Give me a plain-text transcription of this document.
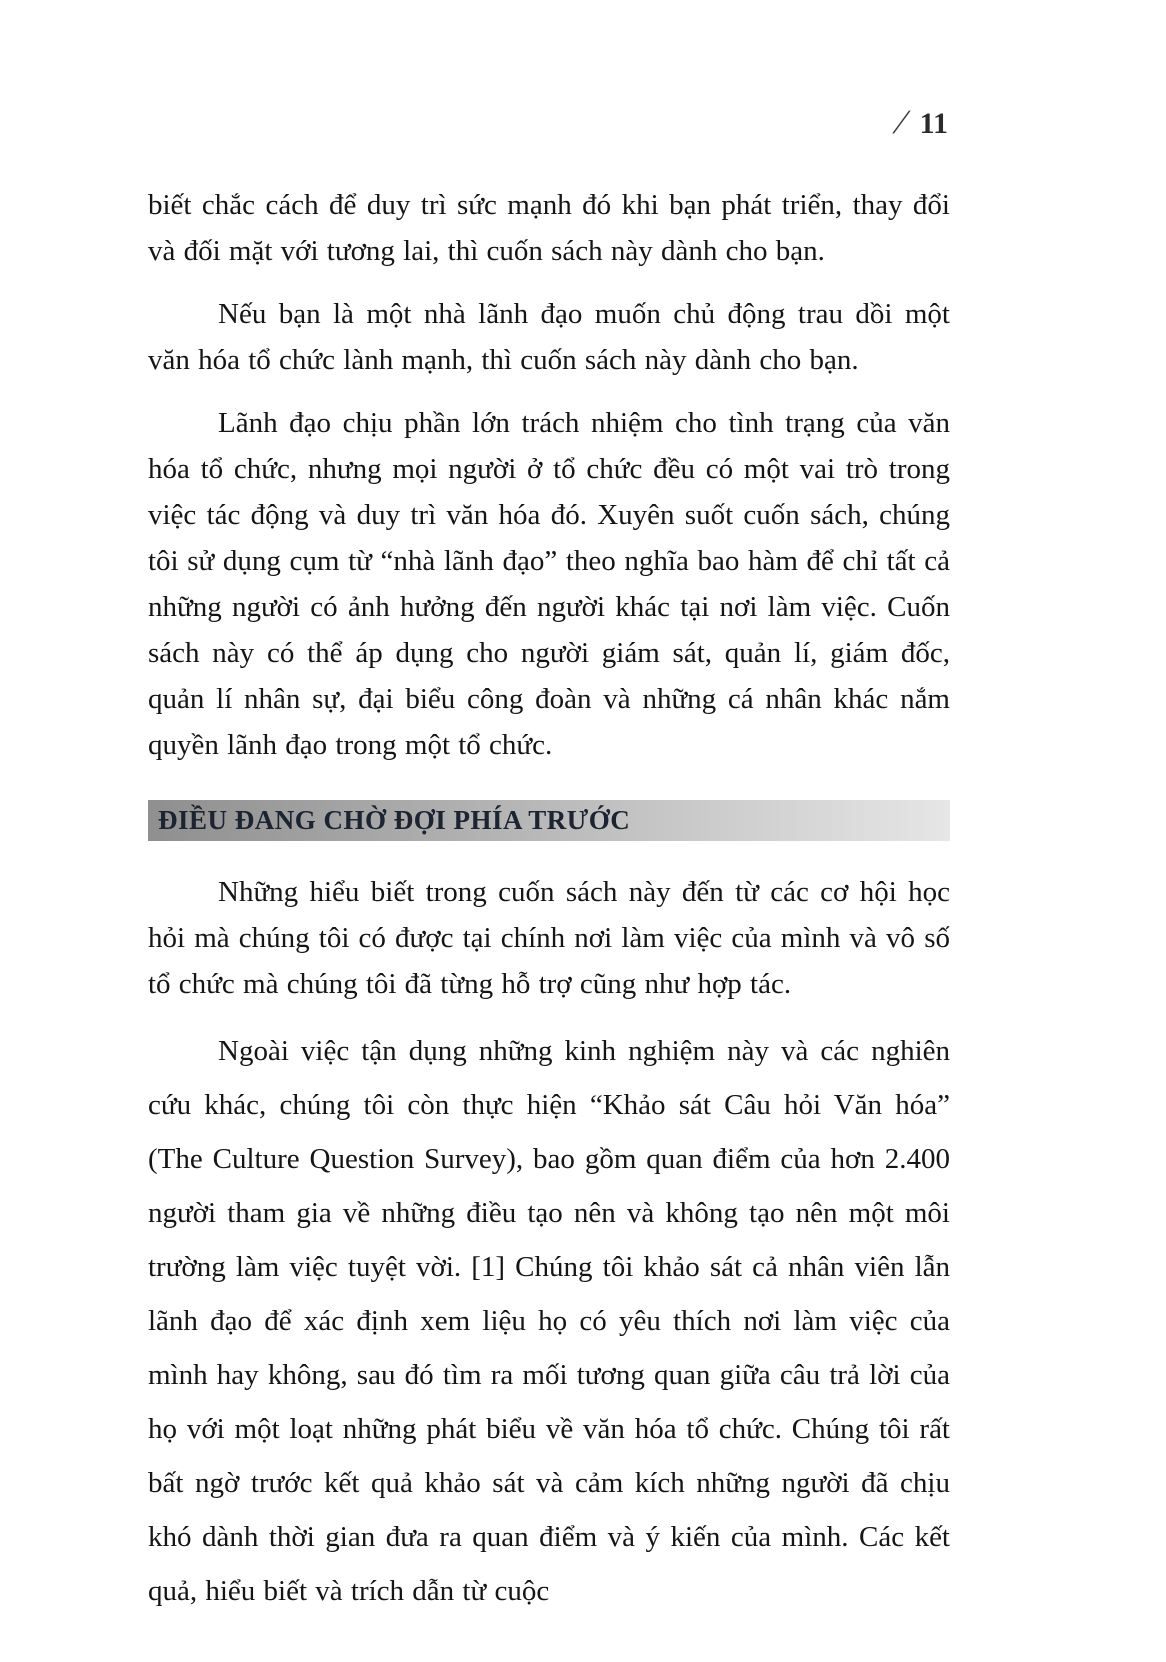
/ 11

biết chắc cách để duy trì sức mạnh đó khi bạn phát triển, thay đổi và đối mặt với tương lai, thì cuốn sách này dành cho bạn.

Nếu bạn là một nhà lãnh đạo muốn chủ động trau dồi một văn hóa tổ chức lành mạnh, thì cuốn sách này dành cho bạn.

Lãnh đạo chịu phần lớn trách nhiệm cho tình trạng của văn hóa tổ chức, nhưng mọi người ở tổ chức đều có một vai trò trong việc tác động và duy trì văn hóa đó. Xuyên suốt cuốn sách, chúng tôi sử dụng cụm từ “nhà lãnh đạo” theo nghĩa bao hàm để chỉ tất cả những người có ảnh hưởng đến người khác tại nơi làm việc. Cuốn sách này có thể áp dụng cho người giám sát, quản lí, giám đốc, quản lí nhân sự, đại biểu công đoàn và những cá nhân khác nắm quyền lãnh đạo trong một tổ chức.

ĐIỀU ĐANG CHỜ ĐỢI PHÍA TRƯỚC

Những hiểu biết trong cuốn sách này đến từ các cơ hội học hỏi mà chúng tôi có được tại chính nơi làm việc của mình và vô số tổ chức mà chúng tôi đã từng hỗ trợ cũng như hợp tác.

Ngoài việc tận dụng những kinh nghiệm này và các nghiên cứu khác, chúng tôi còn thực hiện “Khảo sát Câu hỏi Văn hóa” (The Culture Question Survey), bao gồm quan điểm của hơn 2.400 người tham gia về những điều tạo nên và không tạo nên một môi trường làm việc tuyệt vời. [1] Chúng tôi khảo sát cả nhân viên lẫn lãnh đạo để xác định xem liệu họ có yêu thích nơi làm việc của mình hay không, sau đó tìm ra mối tương quan giữa câu trả lời của họ với một loạt những phát biểu về văn hóa tổ chức. Chúng tôi rất bất ngờ trước kết quả khảo sát và cảm kích những người đã chịu khó dành thời gian đưa ra quan điểm và ý kiến của mình. Các kết quả, hiểu biết và trích dẫn từ cuộc
